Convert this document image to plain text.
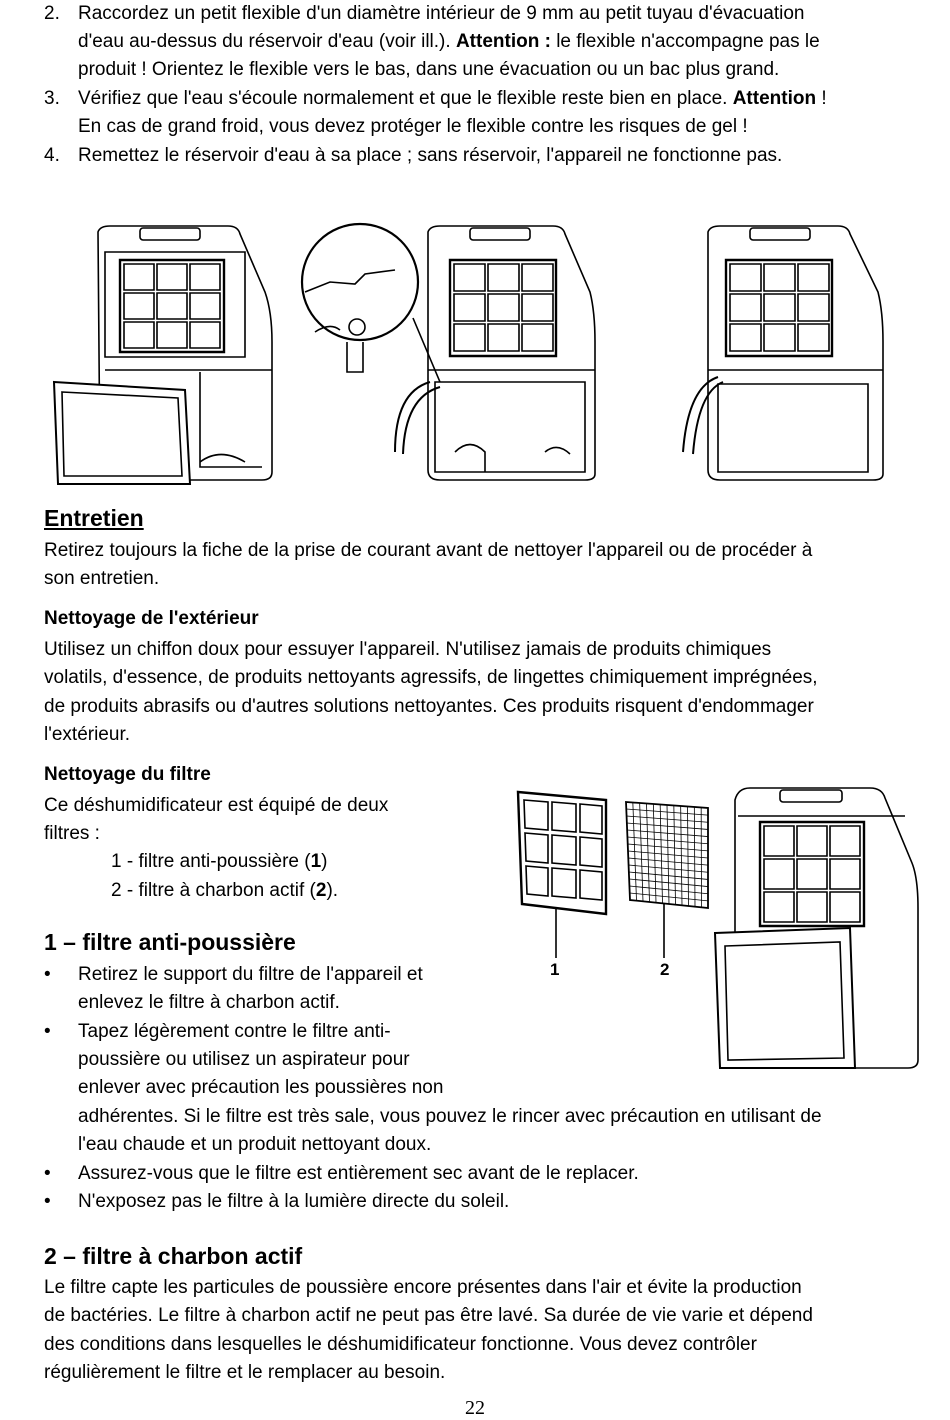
2. Raccordez un petit flexible d'un diamètre intérieur de 9 mm au petit tuyau d'évacuation
d'eau au-dessus du réservoir d'eau (voir ill.). Attention : le flexible n'accompagne pas le
produit ! Orientez le flexible vers le bas, dans une évacuation ou un bac plus grand.
3. Vérifiez que l'eau s'écoule normalement et que le flexible reste bien en place. Attention !
En cas de grand froid, vous devez protéger le flexible contre les risques de gel !
4. Remettez le réservoir d'eau à sa place ; sans réservoir, l'appareil ne fonctionne pas.
Entretien
Retirez toujours la fiche de la prise de courant avant de nettoyer l'appareil ou de procéder à
son entretien.
Nettoyage de l'extérieur
Utilisez un chiffon doux pour essuyer l'appareil. N'utilisez jamais de produits chimiques
volatils, d'essence, de produits nettoyants agressifs, de lingettes chimiquement imprégnées,
de produits abrasifs ou d'autres solutions nettoyantes. Ces produits risquent d'endommager
l'extérieur.
Nettoyage du filtre
Ce déshumidificateur est équipé de deux
filtres :
1 - filtre anti-poussière (1)
2 - filtre à charbon actif (2).
1	2
1 – filtre anti-poussière
• Retirez le support du filtre de l'appareil et
enlevez le filtre à charbon actif.
• Tapez légèrement contre le filtre anti-
poussière ou utilisez un aspirateur pour
enlever avec précaution les poussières non
adhérentes. Si le filtre est très sale, vous pouvez le rincer avec précaution en utilisant de
l'eau chaude et un produit nettoyant doux.
• Assurez-vous que le filtre est entièrement sec avant de le replacer.
• N'exposez pas le filtre à la lumière directe du soleil.
2 – filtre à charbon actif
Le filtre capte les particules de poussière encore présentes dans l'air et évite la production
de bactéries. Le filtre à charbon actif ne peut pas être lavé. Sa durée de vie varie et dépend
des conditions dans lesquelles le déshumidificateur fonctionne. Vous devez contrôler
régulièrement le filtre et le remplacer au besoin.
22
